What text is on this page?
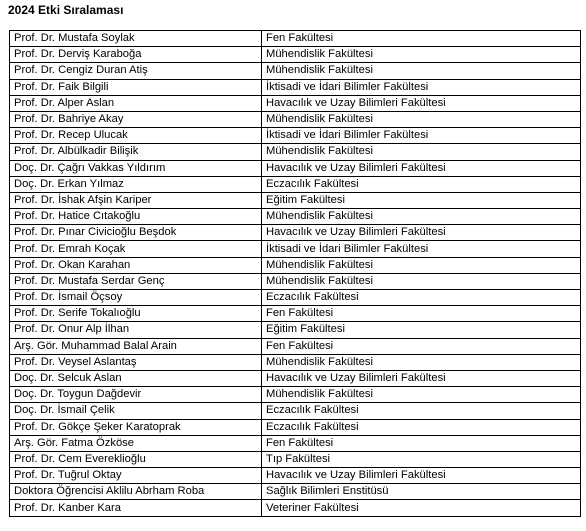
2024 Etki Sıralaması
Prof. Dr. Mustafa Soylak	Fen Fakültesi
Prof. Dr. Derviş Karaboğa	Mühendislik Fakültesi
Prof. Dr. Cengiz Duran Atiş	Mühendislik Fakültesi
Prof. Dr. Faik Bilgili	İktisadi ve İdari Bilimler Fakültesi
Prof. Dr. Alper Aslan	Havacılık ve Uzay Bilimleri Fakültesi
Prof. Dr. Bahriye Akay	Mühendislik Fakültesi
Prof. Dr. Recep Ulucak	İktisadi ve İdari Bilimler Fakültesi
Prof. Dr. Albülkadir Bilişik	Mühendislik Fakültesi
Doç. Dr. Çağrı Vakkas Yıldırım	Havacılık ve Uzay Bilimleri Fakültesi
Doç. Dr. Erkan Yılmaz	Eczacılık Fakültesi
Prof. Dr. İshak Afşin Kariper	Eğitim Fakültesi
Prof. Dr. Hatice Cıtakoğlu	Mühendislik Fakültesi
Prof. Dr. Pınar Civicioğlu Beşdok	Havacılık ve Uzay Bilimleri Fakültesi
Prof. Dr. Emrah Koçak	İktisadi ve İdari Bilimler Fakültesi
Prof. Dr. Okan Karahan	Mühendislik Fakültesi
Prof. Dr. Mustafa Serdar Genç	Mühendislik Fakültesi
Prof. Dr. İsmail Öçsoy	Eczacılık Fakültesi
Prof. Dr. Serife Tokalıoğlu	Fen Fakültesi
Prof. Dr. Onur Alp İlhan	Eğitim Fakültesi
Arş. Gör. Muhammad Balal Arain	Fen Fakültesi
Prof. Dr. Veysel Aslantaş	Mühendislik Fakültesi
Doç. Dr. Selcuk Aslan	Havacılık ve Uzay Bilimleri Fakültesi
Doç. Dr. Toygun Dağdevir	Mühendislik Fakültesi
Doç. Dr. İsmail Çelik	Eczacılık Fakültesi
Prof. Dr. Gökçe Şeker Karatoprak	Eczacılık Fakültesi
Arş. Gör. Fatma Özköse	Fen Fakültesi
Prof. Dr. Cem Evereklioğlu	Tıp Fakültesi
Prof. Dr. Tuğrul Oktay	Havacılık ve Uzay Bilimleri Fakültesi
Doktora Öğrencisi Aklilu Abrham Roba	Sağlık Bilimleri Enstitüsü
Prof. Dr. Kanber Kara	Veteriner Fakültesi
